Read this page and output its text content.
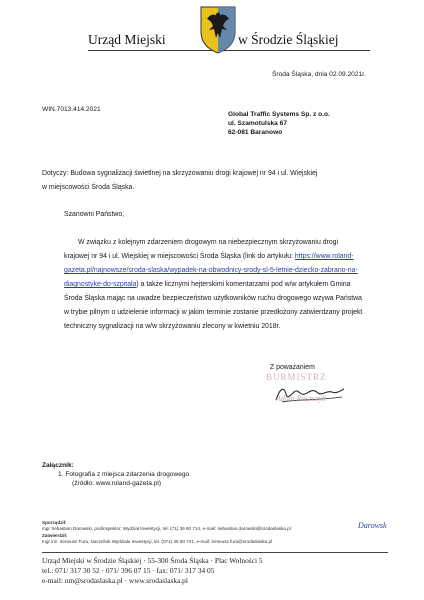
Urząd Miejski	w Środzie Śląskiej
Środa Śląska, dnia 02.09.2021r.
WIN.7013.414.2021
Global Traffic Systems Sp. z o.o.
ul. Szamotulska 67
62-081 Baranowo
Dotyczy: Budowa sygnalizacji świetlnej na skrzyżowaniu drogi krajowej nr 94 i ul. Wiejskiej
w miejscowości Środa Śląska.
Szanowni Państwo,
W związku z kolejnym zdarzeniem drogowym na niebezpiecznym skrzyżowaniu drogi
krajowej nr 94 i ul. Wiejskiej w miejscowości Środa Śląska (link do artykułu: https://www.roland-
gazeta.pl/najnowsze/sroda-slaska/wypadek-na-obwodnicy-srody-sl-5-letnie-dziecko-zabrano-na-
diagnostyke-do-szpitala) a także licznymi hejterskimi komentarzami pod w/w artykułem Gmina
Środa Śląska mając na uwadze bezpieczeństwo użytkowników ruchu drogowego wzywa Państwa
w trybie pilnym o udzielenie informacji w jakim terminie zostanie przedłożony zatwierdzany projekt
techniczny sygnalizacji na w/w skrzyżowaniu zlecony w kwietniu 2018r.
Z poważaniem
BURMISTRZ
Adam Ruszczyk
Załącznik:
1. Fotografia z miejsca zdarzenia drogowego
(źródło: www.roland-gazeta.pl)
Sporządził:
mgr Sebastian Darowski, podinspektor, Wydział Inwestycji, tel. (71) 39 60 714, e-mail: sebastian.darowski@srodaslaska.pl	Darowsk
Zatwierdził:
mgr inż. Ireneusz Fura, Naczelnik Wydziału Inwestycji, tel. (071) 39 60 741, e-mail: ireneusz.fura@srodaslaska.pl
Urząd Miejski w Środzie Śląskiej · 55-300 Środa Śląska · Plac Wolności 5
tel.: 071/ 317 30 52 · 071/ 396 07 15 · fax: 071/ 317 34 05
e-mail: um@srodaslaska.pl · www.srodaslaska.pl
